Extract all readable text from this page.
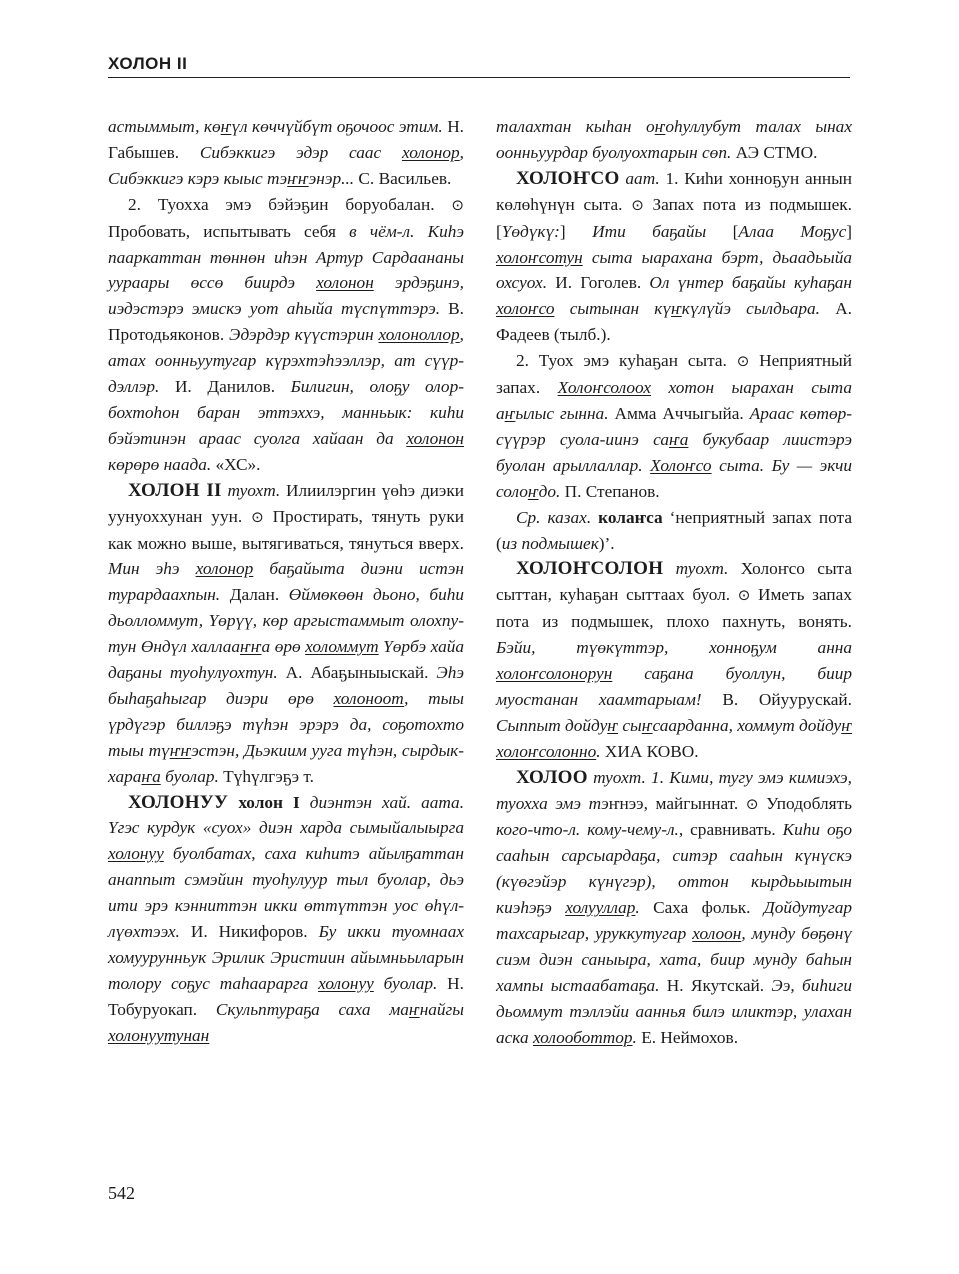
ХОЛОН II

астыммыт, көҥүл көччүйбүт оҕочоос этим. Н. Габышев. Сибэккигэ эдэр саас холонор, Сибэккигэ кэрэ кыыс тэҥҥэнэр... С. Васильев.

2. Туохха эмэ бэйэҕин боруобалан. ⊙ Пробовать, испытывать себя в чём-л. Киһэ пааркаттан төннөн иһэн Артур Сардаананы уураары өссө биирдэ холонон эрдэҕинэ, иэдэстэрэ эмискэ уот аһыйа түспүттэрэ. В. Протодьяконов. Эдэрдэр күүстэрин холоноллор, атах оонньуутугар күрэхтэһээллэр, ат сүүрдэллэр. И. Данилов. Билигин, олоҕу олорбохтоһон баран эттэххэ, манньык: киһи бэйэтинэн араас суолга хайаан да холонон көрөрө наада. «ХС».

ХОЛОН II туохт. Илиилэргин үөһэ диэки уунуоххунан уун. ⊙ Простирать, тянуть руки как можно выше, вытягиваться, тянуться вверх. Мин эһэ холонор баҕайыта диэни истэн турардаахпын. Далан. Өймөкөөн дьоно, биһи дьолломмут, Үөрүү, көр аргыстаммыт олохпутун Өндүл халлааҥҥа өрө холоммут Үөрбэ хайа даҕаны туоһулуохтун. А. Абаҕыныыскай. Эһэ быһаҕаһыгар диэри өрө холоноот, тыы үрдүгэр биллэҕэ түһэн эрэрэ да, соҕотохто тыы түҥҥэстэн, Дьэкиим ууга түһэн, сырдык-хараҥа буолар. Түһүлгэҕэ т.

ХОЛОНУУ холон I диэнтэн хай. аата. Үгэс курдук «суох» диэн харда сымыйалыырга холонуу буолбатах, саха киһитэ айылҕаттан анаппыт сэмэйин туоһулуур тыл буолар, дьэ ити эрэ кэнниттэн икки өттүттэн уос өһүллүөхтээх. И. Никифоров. Бу икки туомнаах хомуурунньук Эрилик Эристиин айымньыларын толору соҕус таһаарарга холонуу буолар. Н. Тобуруокап. Скульптураҕа саха маҥнайгы холонуутунан

талахтан кыһан оҥоһуллубут талах ынах оонньуурдар буолуохтарын сөп. АЭ СТМО.

ХОЛОҤСО аат. 1. Киһи хонноҕун аннын көлөһүнүн сыта. ⊙ Запах пота из подмышек. [Үөдүкү:] Ити баҕайы [Алаа Моҕус] холоҥсотун сыта ыарахана бэрт, дьаадьыйа охсуох. И. Гоголев. Ол үнтер баҕайы куһаҕан холоҥсо сытынан күҥкүлүйэ сылдьара. А. Фадеев (тылб.).

2. Туох эмэ куһаҕан сыта. ⊙ Неприятный запах. Холоҥсолоох хотон ыарахан сыта аҥылыс гынна. Амма Аччыгыйа. Араас көтөр-сүүрэр суола-иинэ саҥа букубаар лиистэрэ буолан арыллаллар. Холоҥсо сыта. Бу — экчи солоҥдо. П. Степанов.

Ср. казах. колаҥса ‘неприятный запах пота (из подмышек)’.

ХОЛОҤСОЛОН туохт. Холоҥсо сыта сыттан, куһаҕан сыттаах буол. ⊙ Иметь запах пота из подмышек, плохо пахнуть, вонять. Бэйи, түөкүттэр, хонноҕум анна холоҥсолонорун саҕана буоллун, биир муостанан хаамтарыам! В. Ойуурускай. Сыппыт дойдуҥ сыҥсаарданна, хоммут дойдуҥ холоҥсолонно. ХИА КОВО.

ХОЛОО туохт. 1. Кими, тугу эмэ кимиэхэ, туохха эмэ тэҥнээ, майгыннат. ⊙ Уподоблять кого-что-л. кому-чему-л., сравнивать. Киһи оҕо сааһын сарсыардаҕа, ситэр сааһын күнүскэ (күөгэйэр күнүгэр), оттон кырдьыытын киэһэҕэ холууллар. Саха фольк. Дойдутугар тахсарыгар, уруккутугар холоон, мунду бөҕөнү сиэм диэн саныыра, хата, биир мунду баһын хампы ыстаабатаҕа. Н. Якутскай. Ээ, биһиги дьоммут тэллэйи ааннья билэ иликтэр, улахан аска холооботтор. Е. Неймохов.

542
